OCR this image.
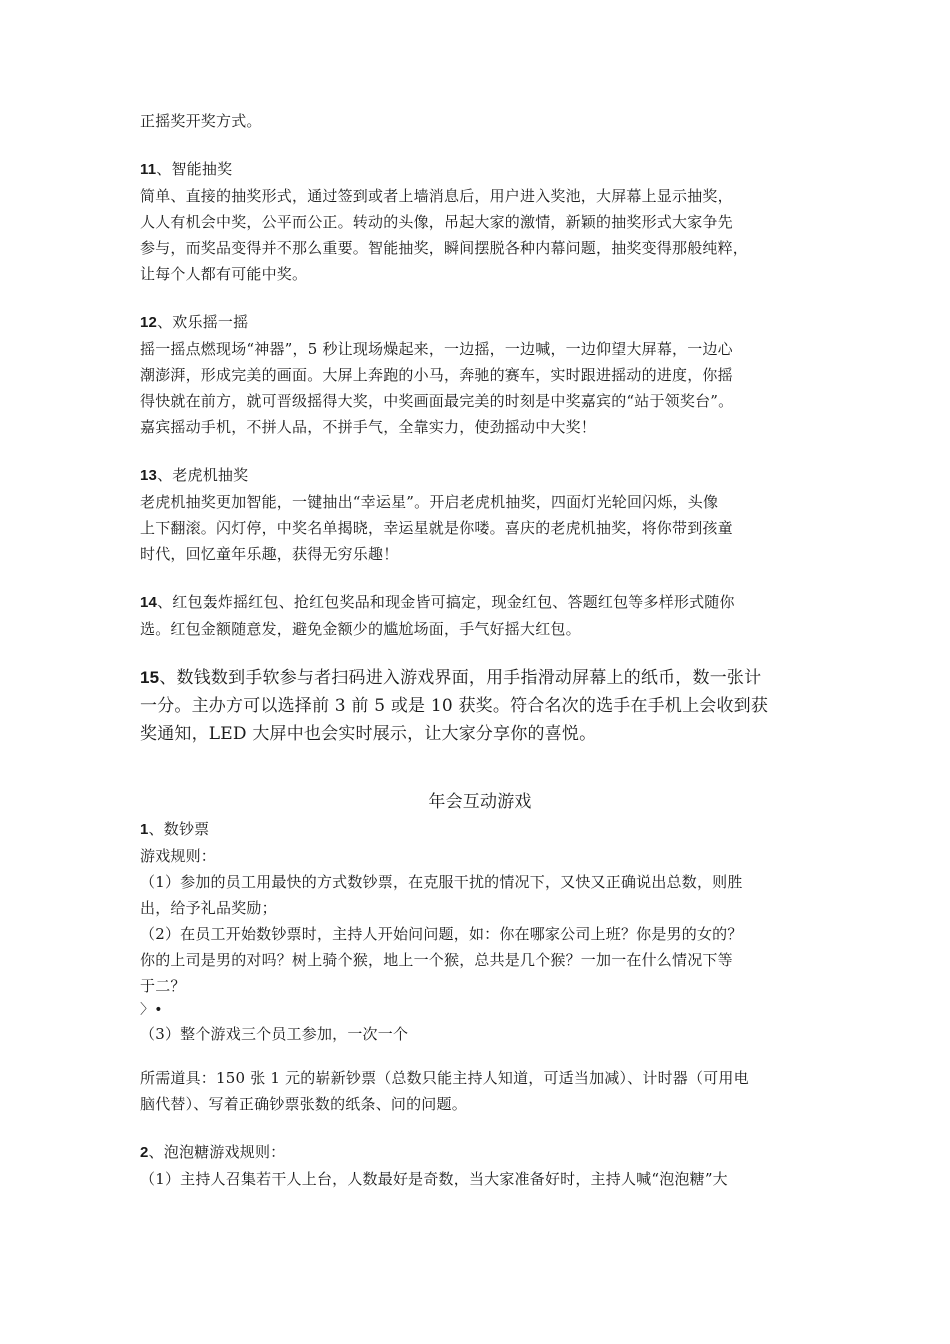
正摇奖开奖方式。

11、智能抽奖

简单、直接的抽奖形式，通过签到或者上墙消息后，用户进入奖池，大屏幕上显示抽奖，

人人有机会中奖，公平而公正。转动的头像，吊起大家的激情，新颖的抽奖形式大家争先

参与，而奖品变得并不那么重要。智能抽奖，瞬间摆脱各种内幕问题，抽奖变得那般纯粹，

让每个人都有可能中奖。

12、欢乐摇一摇

摇一摇点燃现场“神器”，5 秒让现场燥起来，一边摇，一边喊，一边仰望大屏幕，一边心

潮澎湃，形成完美的画面。大屏上奔跑的小马，奔驰的赛车，实时跟进摇动的进度，你摇

得快就在前方，就可晋级摇得大奖，中奖画面最完美的时刻是中奖嘉宾的“站于领奖台”。

嘉宾摇动手机，不拼人品，不拼手气，全靠实力，使劲摇动中大奖！

13、老虎机抽奖

老虎机抽奖更加智能，一键抽出“幸运星”。开启老虎机抽奖，四面灯光轮回闪烁，头像

上下翻滚。闪灯停，中奖名单揭晓，幸运星就是你喽。喜庆的老虎机抽奖，将你带到孩童

时代，回忆童年乐趣，获得无穷乐趣！

14、红包轰炸摇红包、抢红包奖品和现金皆可搞定，现金红包、答题红包等多样形式随你

选。红包金额随意发，避免金额少的尴尬场面，手气好摇大红包。

15、数钱数到手软参与者扫码进入游戏界面，用手指滑动屏幕上的纸币，数一张计

一分。主办方可以选择前 3 前 5 或是 10 获奖。符合名次的选手在手机上会收到获

奖通知，LED 大屏中也会实时展示，让大家分享你的喜悦。

年会互动游戏

1、数钞票

游戏规则：

（1）参加的员工用最快的方式数钞票，在克服干扰的情况下，又快又正确说出总数，则胜

出，给予礼品奖励；

（2）在员工开始数钞票时，主持人开始问问题，如：你在哪家公司上班？你是男的女的？

你的上司是男的对吗？树上骑个猴，地上一个猴，总共是几个猴？一加一在什么情况下等

于二？

〉•

（3）整个游戏三个员工参加，一次一个

所需道具：150 张 1 元的崭新钞票（总数只能主持人知道，可适当加减）、计时器（可用电

脑代替）、写着正确钞票张数的纸条、问的问题。

2、泡泡糖游戏规则：

（1）主持人召集若干人上台，人数最好是奇数，当大家准备好时，主持人喊“泡泡糖”大
